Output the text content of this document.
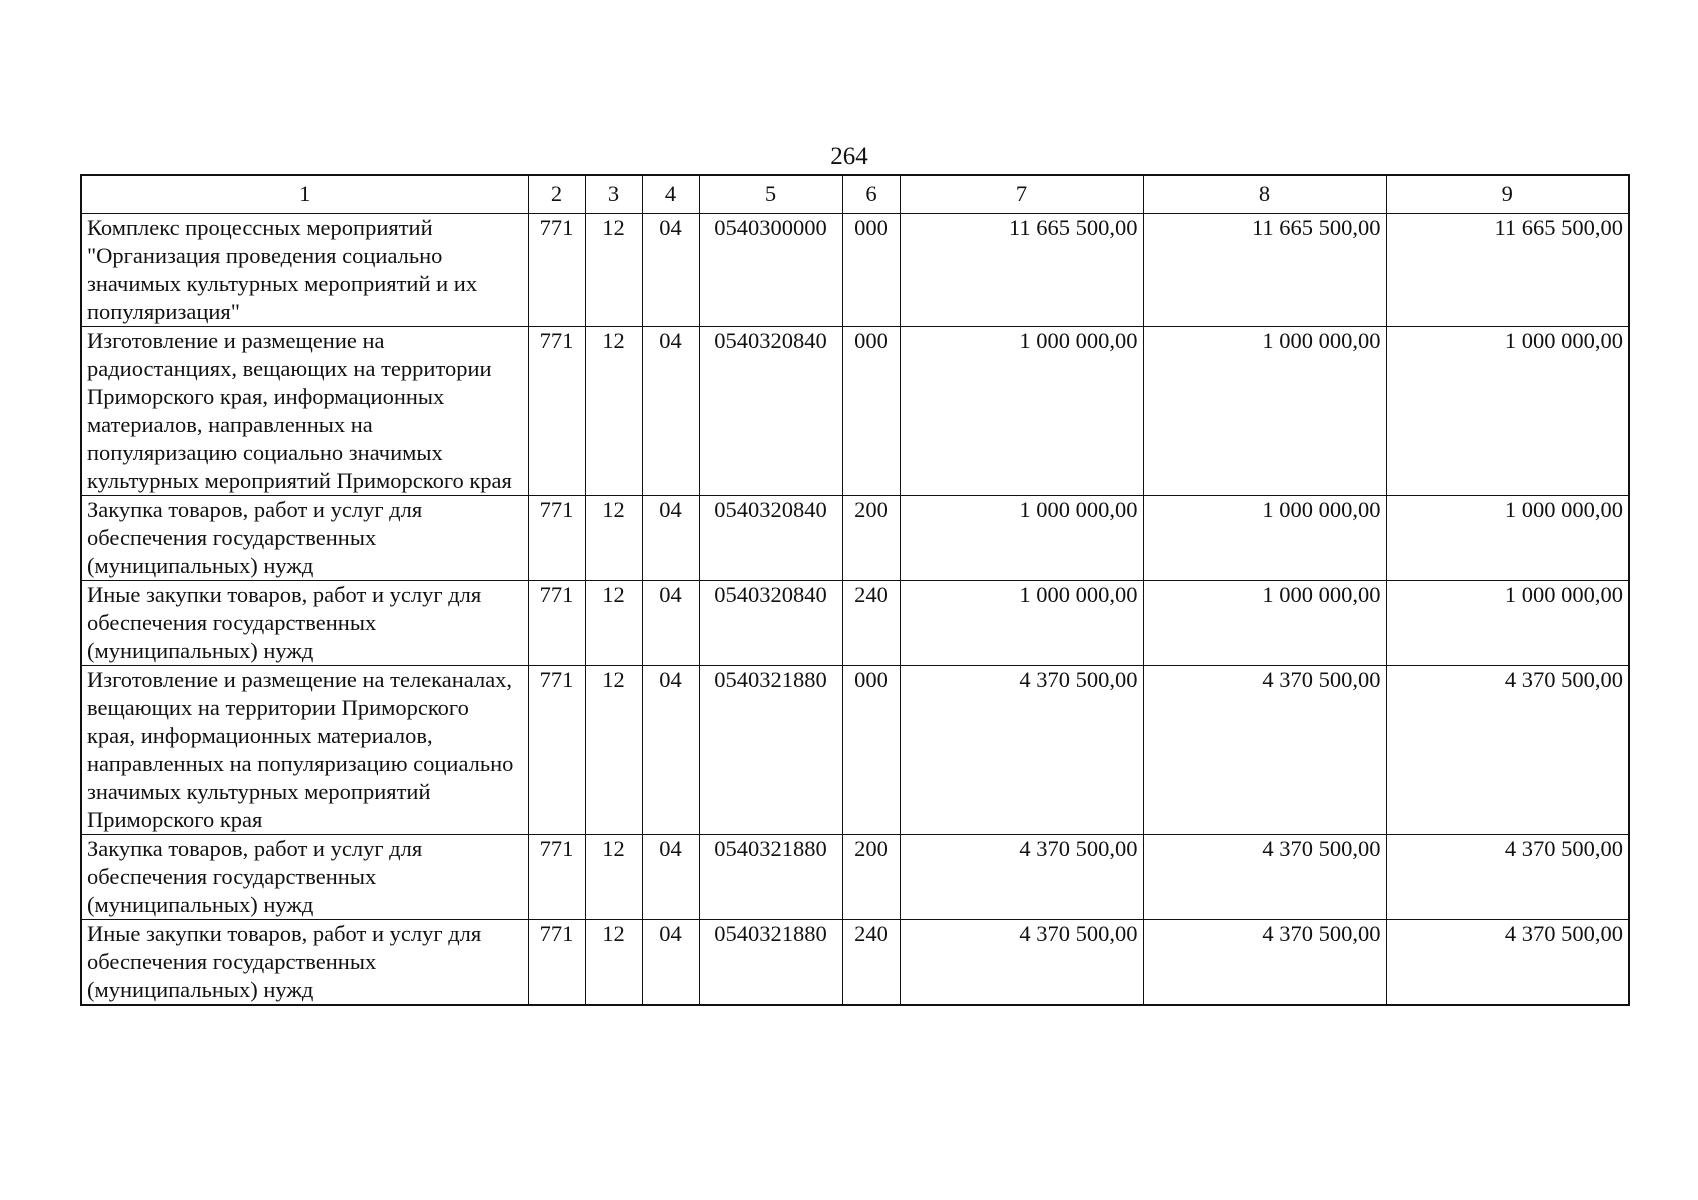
264
1	2	3	4	5	6	7	8	9
Комплекс процессных мероприятий "Организация проведения социально значимых культурных мероприятий и их популяризация"	771	12	04	0540300000	000	11 665 500,00	11 665 500,00	11 665 500,00
Изготовление и размещение на радиостанциях, вещающих на территории Приморского края, информационных материалов, направленных на популяризацию социально значимых культурных мероприятий Приморского края	771	12	04	0540320840	000	1 000 000,00	1 000 000,00	1 000 000,00
Закупка товаров, работ и услуг для обеспечения государственных (муниципальных) нужд	771	12	04	0540320840	200	1 000 000,00	1 000 000,00	1 000 000,00
Иные закупки товаров, работ и услуг для обеспечения государственных (муниципальных) нужд	771	12	04	0540320840	240	1 000 000,00	1 000 000,00	1 000 000,00
Изготовление и размещение на телеканалах, вещающих на территории Приморского края, информационных материалов, направленных на популяризацию социально значимых культурных мероприятий Приморского края	771	12	04	0540321880	000	4 370 500,00	4 370 500,00	4 370 500,00
Закупка товаров, работ и услуг для обеспечения государственных (муниципальных) нужд	771	12	04	0540321880	200	4 370 500,00	4 370 500,00	4 370 500,00
Иные закупки товаров, работ и услуг для обеспечения государственных (муниципальных) нужд	771	12	04	0540321880	240	4 370 500,00	4 370 500,00	4 370 500,00
